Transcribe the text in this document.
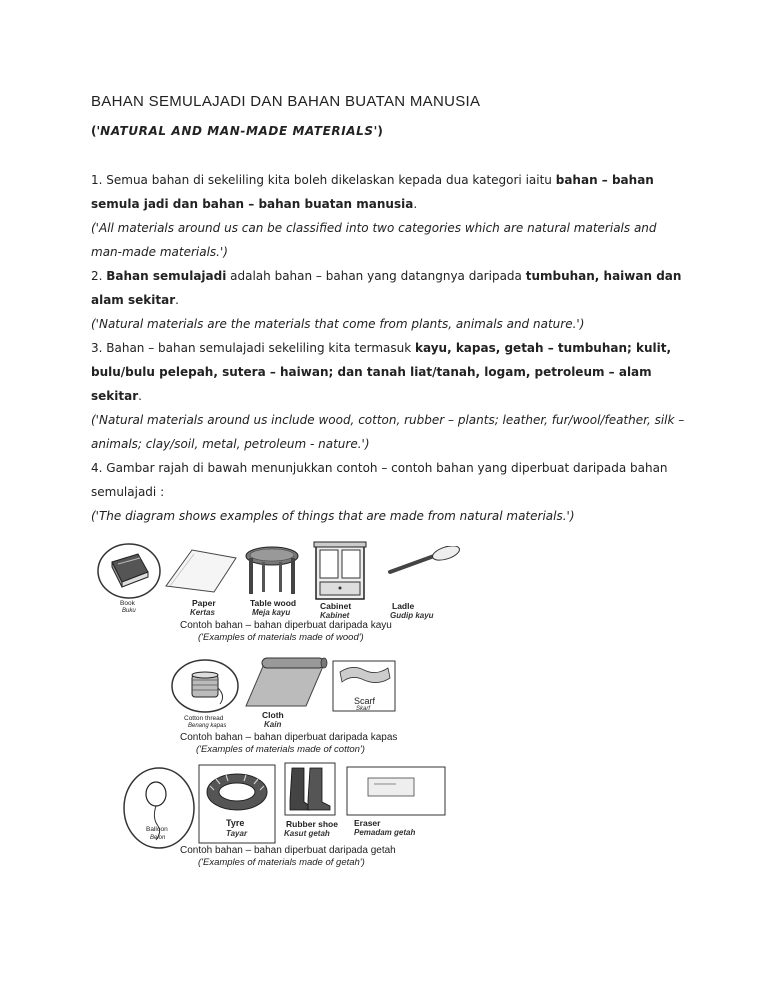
BAHAN SEMULAJADI DAN BAHAN BUATAN MANUSIA
('NATURAL AND MAN-MADE MATERIALS')

1. Semua bahan di sekeliling kita boleh dikelaskan kepada dua kategori iaitu bahan – bahan semula jadi dan bahan – bahan buatan manusia.

('All materials around us can be classified into two categories which are natural materials and man-made materials.')

2. Bahan semulajadi adalah bahan – bahan yang datangnya daripada tumbuhan, haiwan dan alam sekitar.

('Natural materials are the materials that come from plants, animals and nature.')

3. Bahan – bahan semulajadi sekeliling kita termasuk kayu, kapas, getah – tumbuhan; kulit, bulu/bulu pelepah, sutera – haiwan; dan tanah liat/tanah, logam, petroleum – alam sekitar.

('Natural materials around us include wood, cotton, rubber – plants; leather, fur/wool/feather, silk – animals; clay/soil, metal, petroleum - nature.')

4. Gambar rajah di bawah menunjukkan contoh – contoh bahan yang diperbuat daripada bahan semulajadi :

('The diagram shows examples of things that are made from natural materials.')

Book
Buku
Paper
Kertas
Table wood
Meja kayu
Cabinet
Kabinet
Ladle
Gudip kayu
Contoh bahan – bahan diperbuat daripada kayu
('Examples of materials made of wood')
Cotton thread
Benang kapas
Cloth
Kain
Scarf
Skarf
Contoh bahan – bahan diperbuat daripada kapas
('Examples of materials made of cotton')
Balloon
Belon
Tyre
Tayar
Rubber shoe
Kasut getah
Eraser
Pemadam getah
Contoh bahan – bahan diperbuat daripada getah
('Examples of materials made of getah')
